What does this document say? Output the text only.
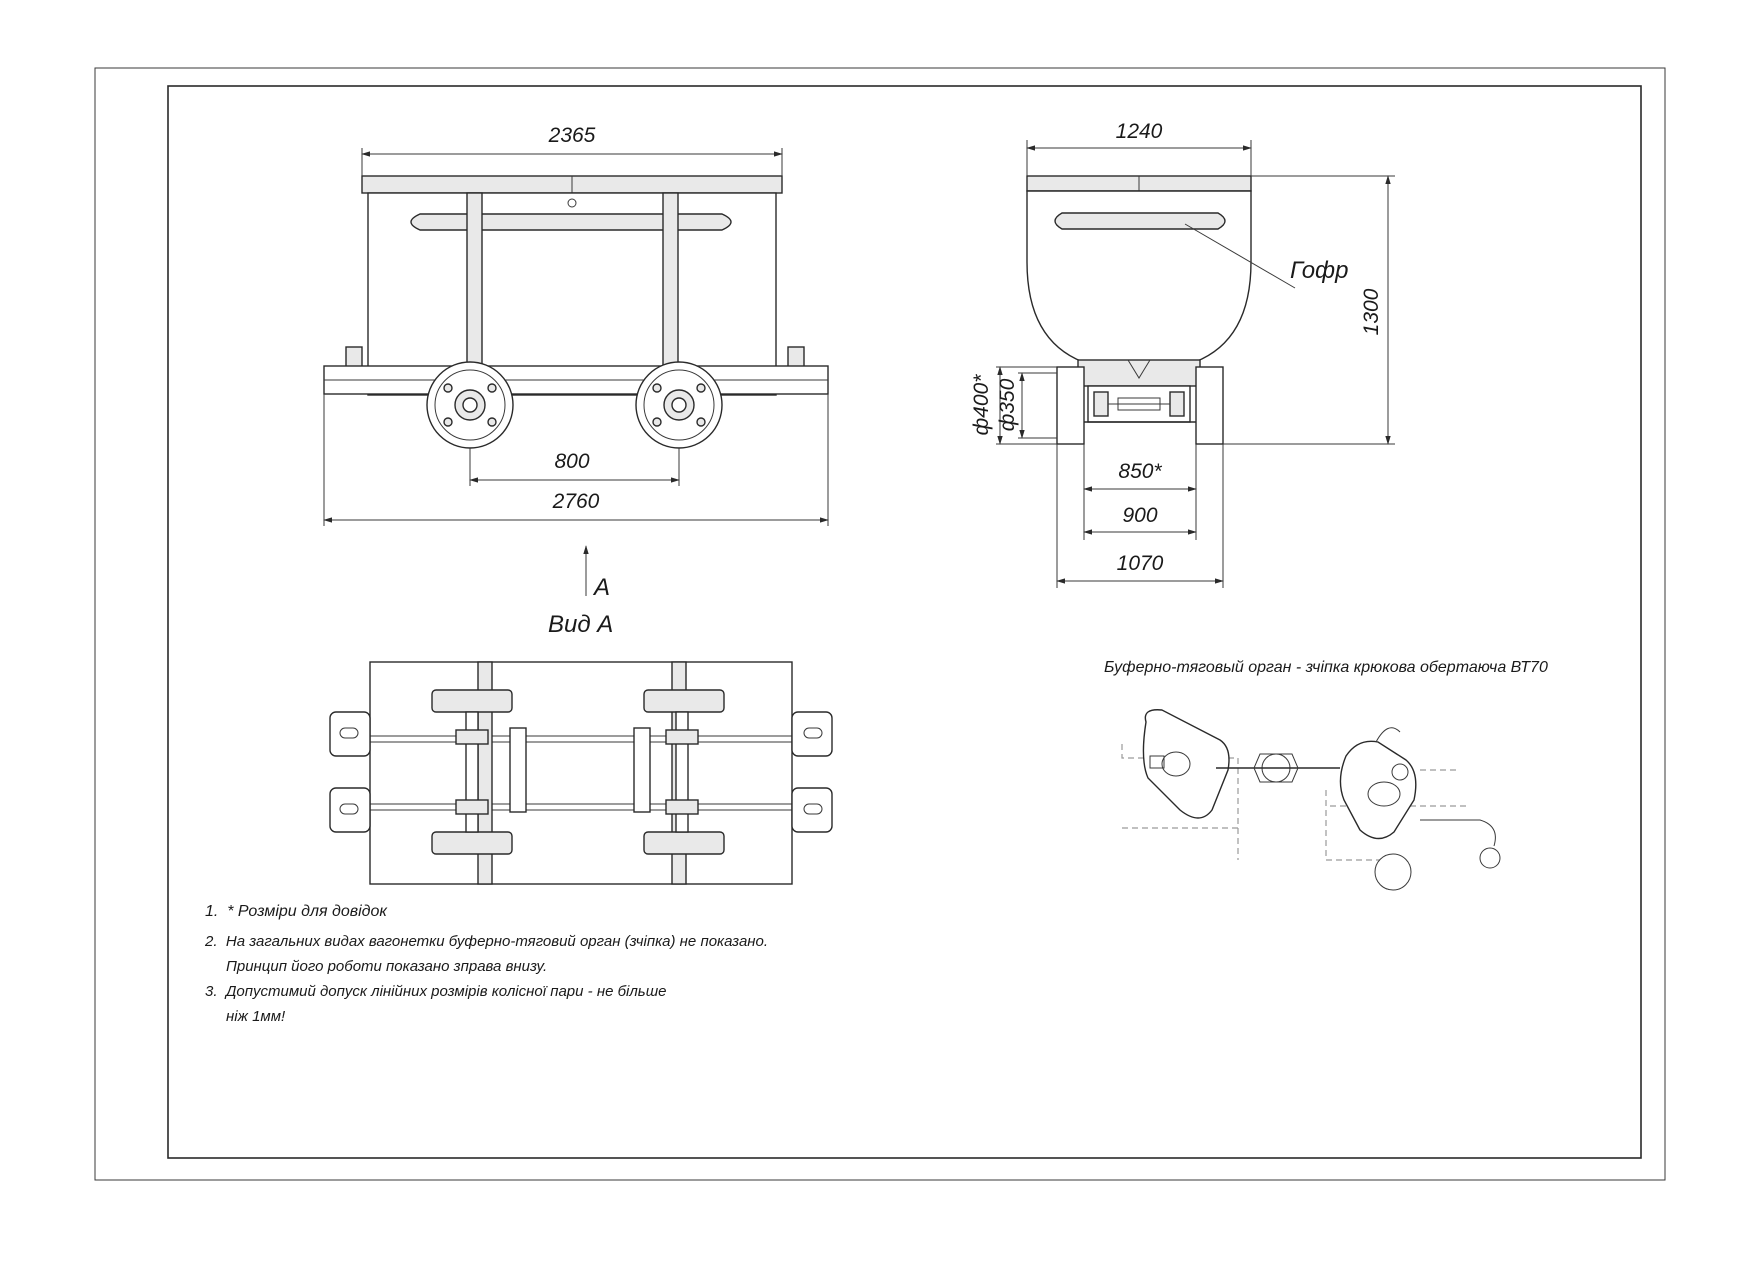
2365
800
2760
Гофр
1300
1240
ф400* ф350
850*
900
1070
A
Вид А
Буферно-тяговый орган - зчіпка крюкова обертаюча ВТ70
1. * Розміри для довідок
2. На загальних видах вагонетки буферно-тяговий орган (зчіпка) не показано.
Принцип його роботи показано зправа внизу.
3. Допустимий допуск лінійних розмірів колісної пари - не більше
ніж 1мм!
